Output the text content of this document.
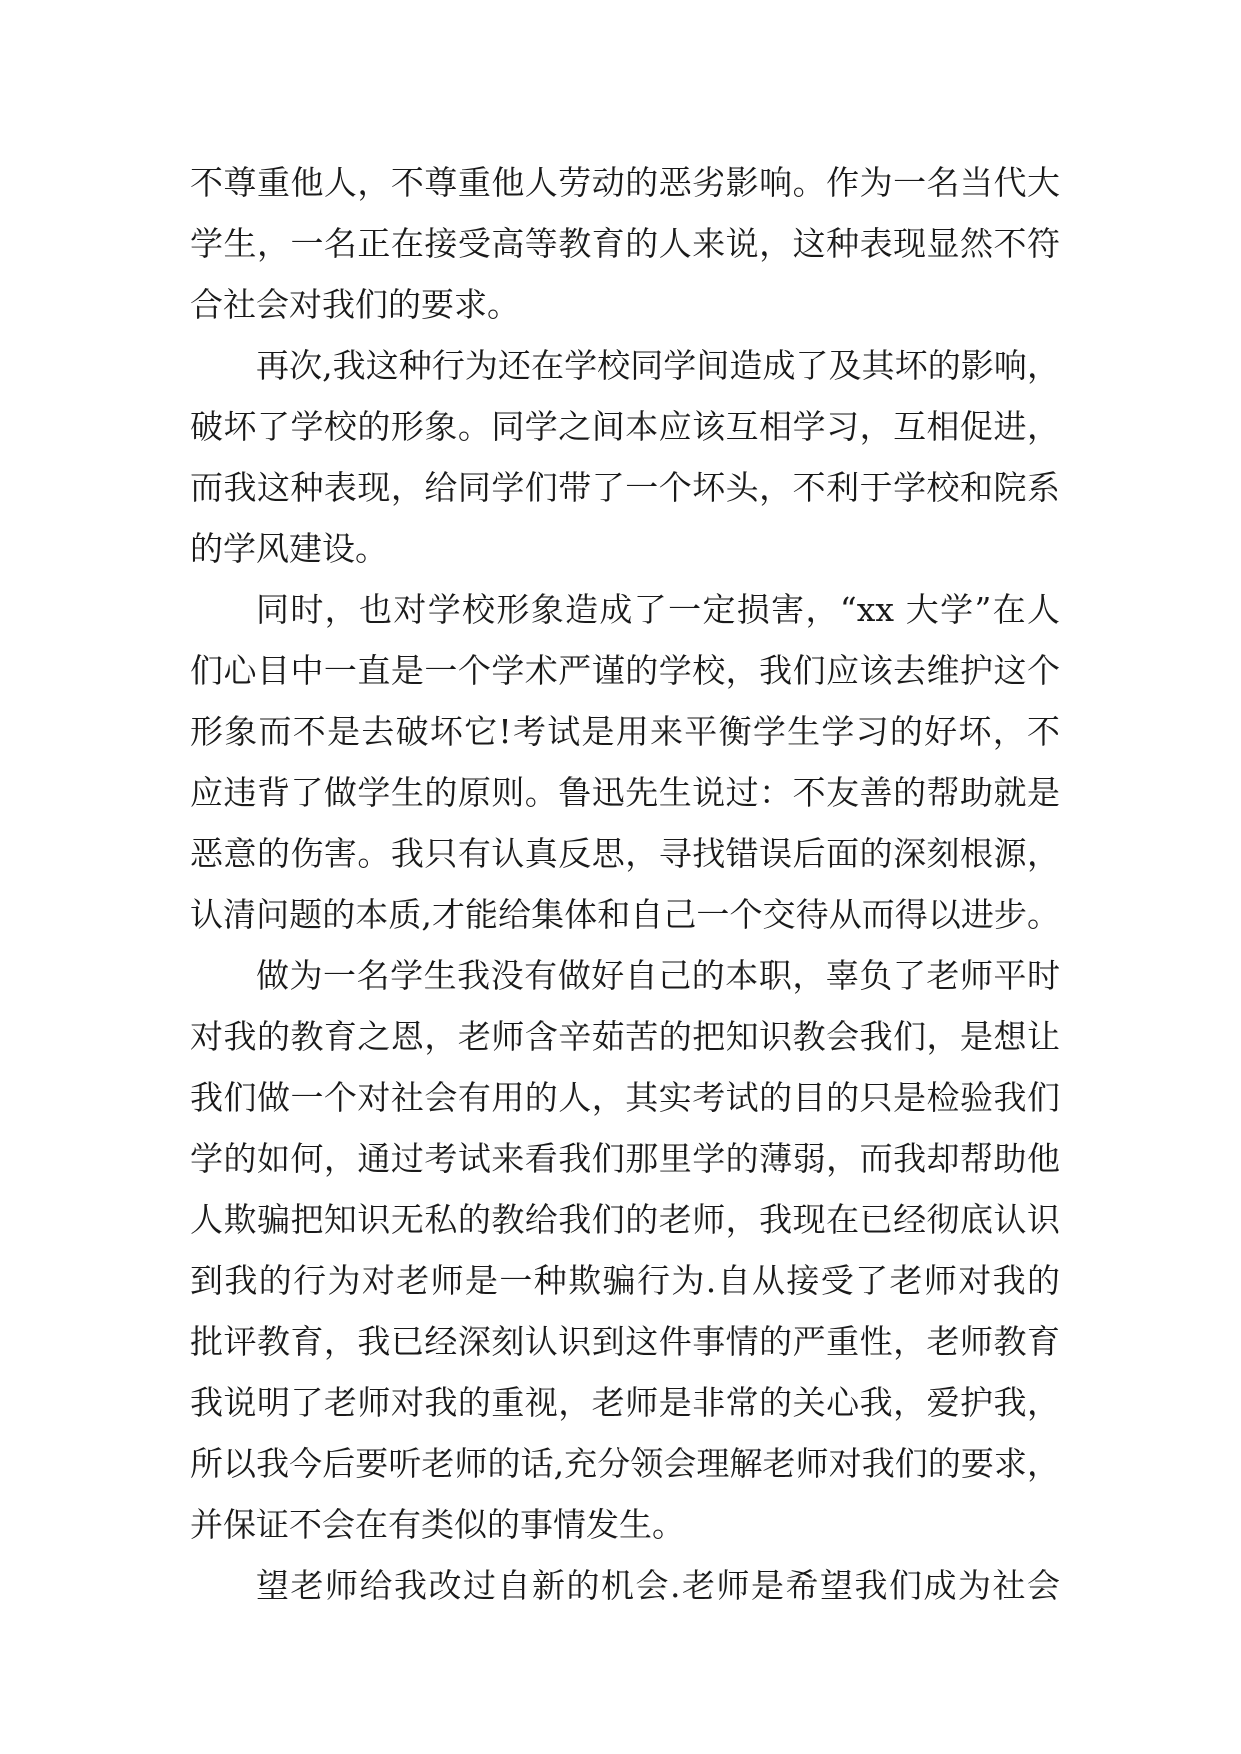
不尊重他人，不尊重他人劳动的恶劣影响。作为一名当代大
学生，一名正在接受高等教育的人来说，这种表现显然不符
合社会对我们的要求。
再次,我这种行为还在学校同学间造成了及其坏的影响，
破坏了学校的形象。同学之间本应该互相学习，互相促进，
而我这种表现，给同学们带了一个坏头，不利于学校和院系
的学风建设。
同时，也对学校形象造成了一定损害，“xx 大学”在人
们心目中一直是一个学术严谨的学校，我们应该去维护这个
形象而不是去破坏它!考试是用来平衡学生学习的好坏，不
应违背了做学生的原则。鲁迅先生说过：不友善的帮助就是
恶意的伤害。我只有认真反思，寻找错误后面的深刻根源，
认清问题的本质,才能给集体和自己一个交待从而得以进步。
做为一名学生我没有做好自己的本职，辜负了老师平时
对我的教育之恩，老师含辛茹苦的把知识教会我们，是想让
我们做一个对社会有用的人，其实考试的目的只是检验我们
学的如何，通过考试来看我们那里学的薄弱，而我却帮助他
人欺骗把知识无私的教给我们的老师，我现在已经彻底认识
到我的行为对老师是一种欺骗行为.自从接受了老师对我的
批评教育，我已经深刻认识到这件事情的严重性，老师教育
我说明了老师对我的重视，老师是非常的关心我，爱护我，
所以我今后要听老师的话,充分领会理解老师对我们的要求，
并保证不会在有类似的事情发生。
望老师给我改过自新的机会.老师是希望我们成为社会
